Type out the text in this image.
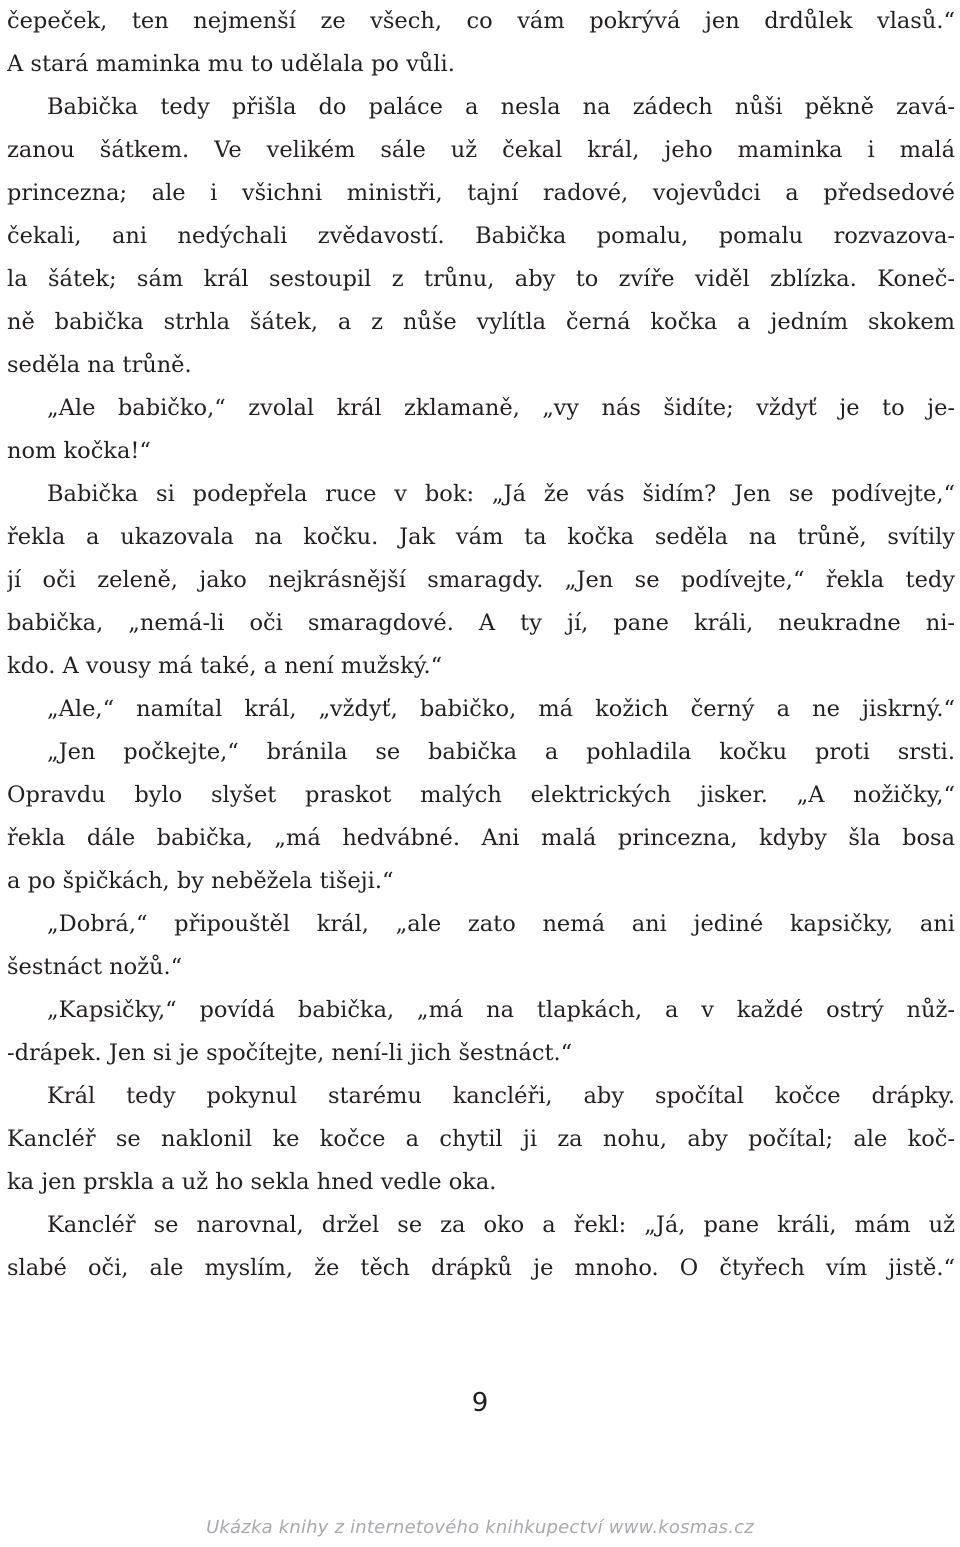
čepeček, ten nejmenší ze všech, co vám pokrývá jen drdůlek vlasů.“
A stará maminka mu to udělala po vůli.
Babička tedy přišla do paláce a nesla na zádech nůši pěkně zavá-
zanou šátkem. Ve velikém sále už čekal král, jeho maminka i malá
princezna; ale i všichni ministři, tajní radové, vojevůdci a předsedové
čekali, ani nedýchali zvědavostí. Babička pomalu, pomalu rozvazova-
la šátek; sám král sestoupil z trůnu, aby to zvíře viděl zblízka. Koneč-
ně babička strhla šátek, a z nůše vylítla černá kočka a jedním skokem
seděla na trůně.
„Ale babičko,“ zvolal král zklamaně, „vy nás šidíte; vždyť je to je-
nom kočka!“
Babička si podepřela ruce v bok: „Já že vás šidím? Jen se podívejte,“
řekla a ukazovala na kočku. Jak vám ta kočka seděla na trůně, svítily
jí oči zeleně, jako nejkrásnější smaragdy. „Jen se podívejte,“ řekla tedy
babička, „nemá-li oči smaragdové. A ty jí, pane králi, neukradne ni-
kdo. A vousy má také, a není mužský.“
„Ale,“ namítal král, „vždyť, babičko, má kožich černý a ne jiskrný.“
„Jen počkejte,“ bránila se babička a pohladila kočku proti srsti.
Opravdu bylo slyšet praskot malých elektrických jisker. „A nožičky,“
řekla dále babička, „má hedvábné. Ani malá princezna, kdyby šla bosa
a po špičkách, by neběžela tišeji.“
„Dobrá,“ připouštěl král, „ale zato nemá ani jediné kapsičky, ani
šestnáct nožů.“
„Kapsičky,“ povídá babička, „má na tlapkách, a v každé ostrý nůž-
-drápek. Jen si je spočítejte, není-li jich šestnáct.“
Král tedy pokynul starému kancléři, aby spočítal kočce drápky.
Kancléř se naklonil ke kočce a chytil ji za nohu, aby počítal; ale koč-
ka jen prskla a už ho sekla hned vedle oka.
Kancléř se narovnal, držel se za oko a řekl: „Já, pane králi, mám už
slabé oči, ale myslím, že těch drápků je mnoho. O čtyřech vím jistě.“
9
Ukázka knihy z internetového knihkupectví www.kosmas.cz
